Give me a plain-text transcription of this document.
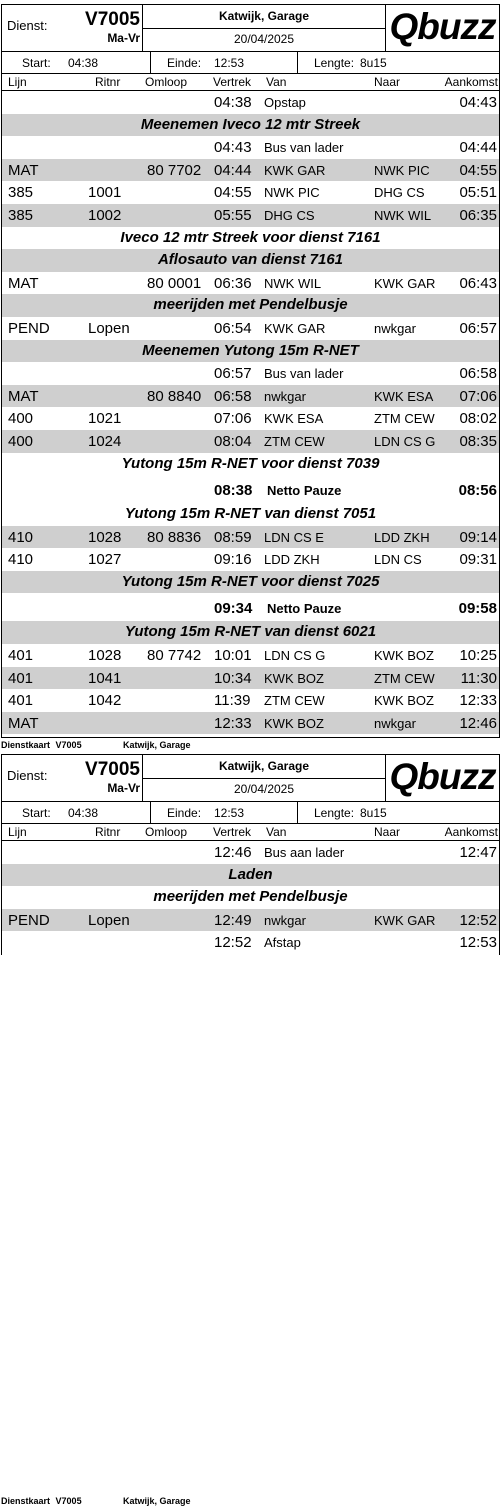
Dienst:	V7005
Ma-Vr
Katwijk, Garage
20/04/2025	Qbuzz
Start: 04:38	Einde: 12:53	Lengte: 8u15
Lijn	Ritnr Omloop Vertrek Van	Naar	Aankomst
04:38 Opstap	04:43
Meenemen Iveco 12 mtr Streek
04:43 Bus van lader	04:44
MAT	80 7702 04:44 KWK GAR	NWK PIC 04:55
385	1001	04:55 NWK PIC	DHG CS 05:51
385	1002	05:55 DHG CS	NWK WIL 06:35
Iveco 12 mtr Streek voor dienst 7161
Aflosauto van dienst 7161
MAT	80 0001 06:36 NWK WIL	KWK GAR 06:43
meerijden met Pendelbusje
PEND	Lopen	06:54 KWK GAR	nwkgar	06:57
Meenemen Yutong 15m R-NET
06:57 Bus van lader	06:58
MAT	80 8840 06:58 nwkgar	KWK ESA 07:06
400	1021	07:06 KWK ESA	ZTM CEW 08:02
400	1024	08:04 ZTM CEW	LDN CS G 08:35
Yutong 15m R-NET voor dienst 7039
08:38 Netto Pauze	08:56
Yutong 15m R-NET van dienst 7051
410	1028 80 8836 08:59 LDN CS E	LDD ZKH 09:14
410	1027	09:16 LDD ZKH	LDN CS	09:31
Yutong 15m R-NET voor dienst 7025
09:34 Netto Pauze	09:58
Yutong 15m R-NET van dienst 6021
401	1028 80 7742 10:01 LDN CS G	KWK BOZ 10:25
401	1041	10:34 KWK BOZ	ZTM CEW 11:30
401	1042	11:39 ZTM CEW	KWK BOZ 12:33
MAT	12:33 KWK BOZ	nwkgar	12:46
Dienstkaart V7005	Katwijk, Garage
Dienst:	V7005
Ma-Vr
Katwijk, Garage
20/04/2025	Qbuzz
Start: 04:38	Einde: 12:53	Lengte: 8u15
Lijn	Ritnr Omloop Vertrek Van	Naar	Aankomst
12:46 Bus aan lader	12:47
Laden
meerijden met Pendelbusje
PEND	Lopen	12:49 nwkgar	KWK GAR 12:52
12:52 Afstap	12:53
Dienstkaart V7005	Katwijk, Garage
